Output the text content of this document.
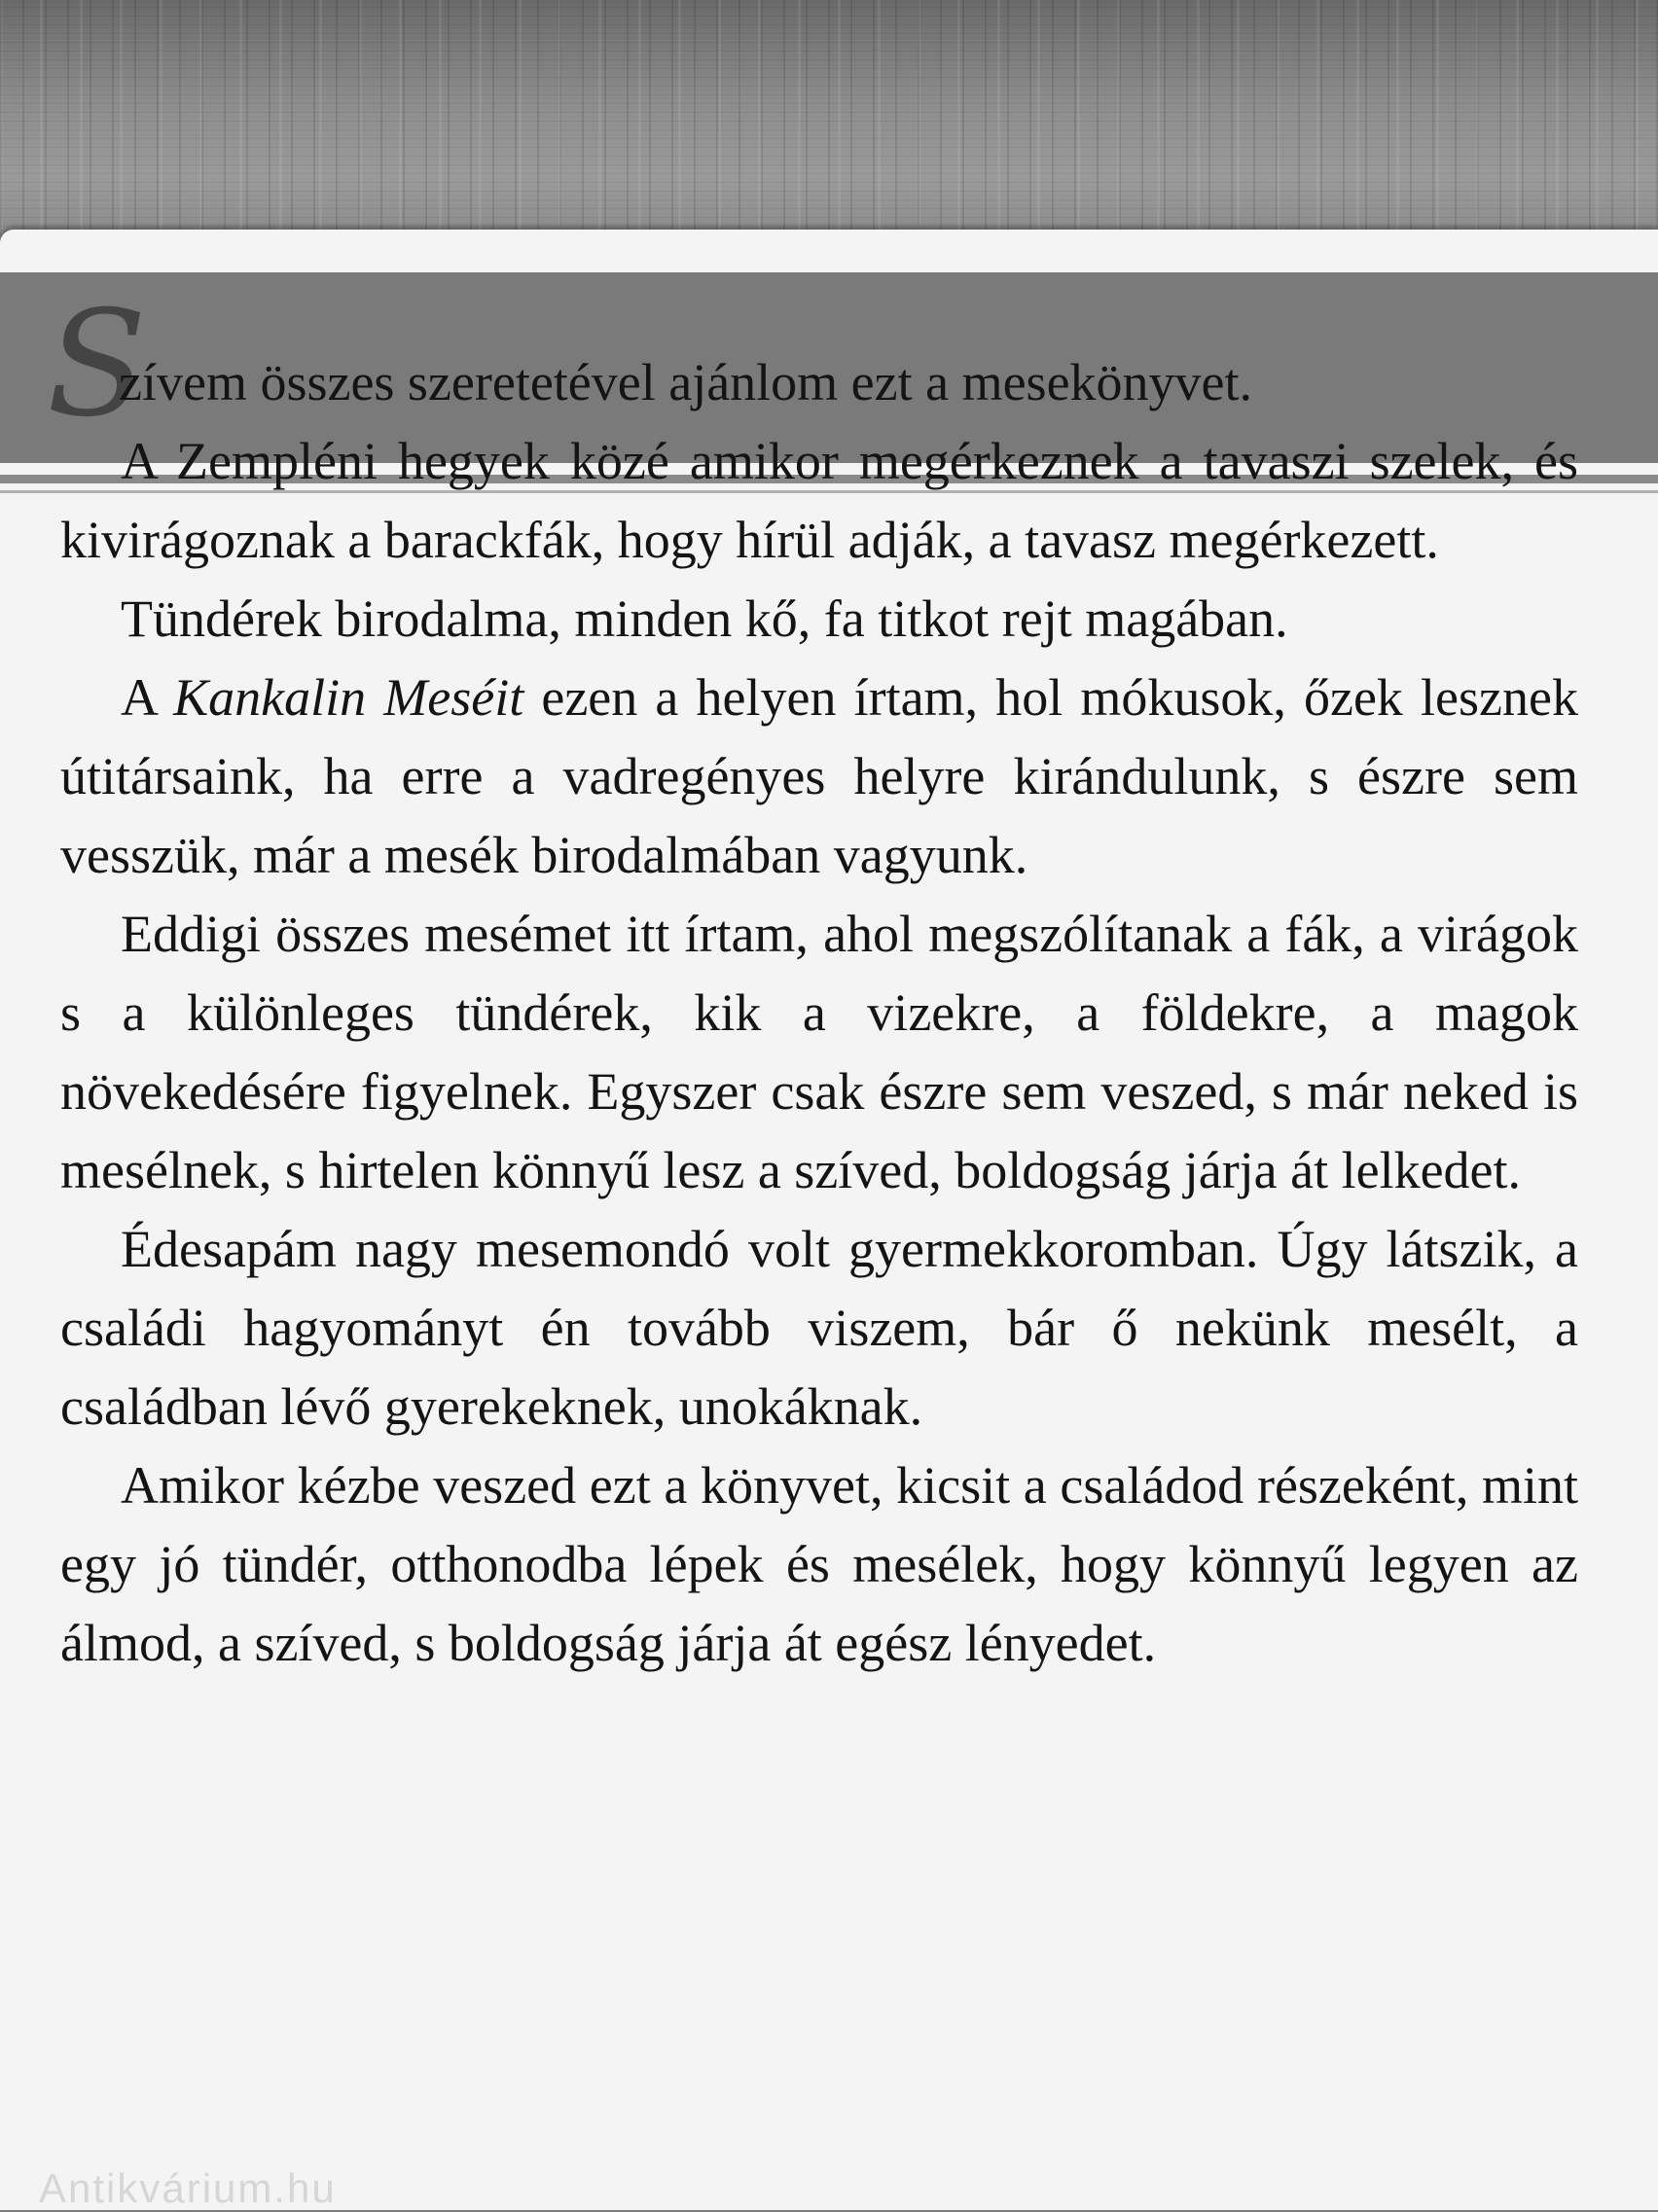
S

zívem összes szeretetével ajánlom ezt a mesekönyvet.

A Zempléni hegyek közé amikor megérkeznek a tavaszi szelek, és kivirágoznak a barackfák, hogy hírül adják, a tavasz megérkezett.

Tündérek birodalma, minden kő, fa titkot rejt magában.

A Kankalin Meséit ezen a helyen írtam, hol mókusok, őzek lesznek útitársaink, ha erre a vadregényes helyre kirándulunk, s észre sem vesszük, már a mesék birodalmában vagyunk.

Eddigi összes mesémet itt írtam, ahol megszólítanak a fák, a virágok s a különleges tündérek, kik a vizekre, a földekre, a magok növekedésére figyelnek. Egyszer csak észre sem veszed, s már neked is mesélnek, s hirtelen könnyű lesz a szíved, boldogság járja át lelkedet.

Édesapám nagy mesemondó volt gyermekkoromban. Úgy látszik, a családi hagyományt én tovább viszem, bár ő nekünk mesélt, a családban lévő gyerekeknek, unokáknak.

Amikor kézbe veszed ezt a könyvet, kicsit a családod részeként, mint egy jó tündér, otthonodba lépek és mesélek, hogy könnyű legyen az álmod, a szíved, s boldogság járja át egész lényedet.

Antikvárium.hu
